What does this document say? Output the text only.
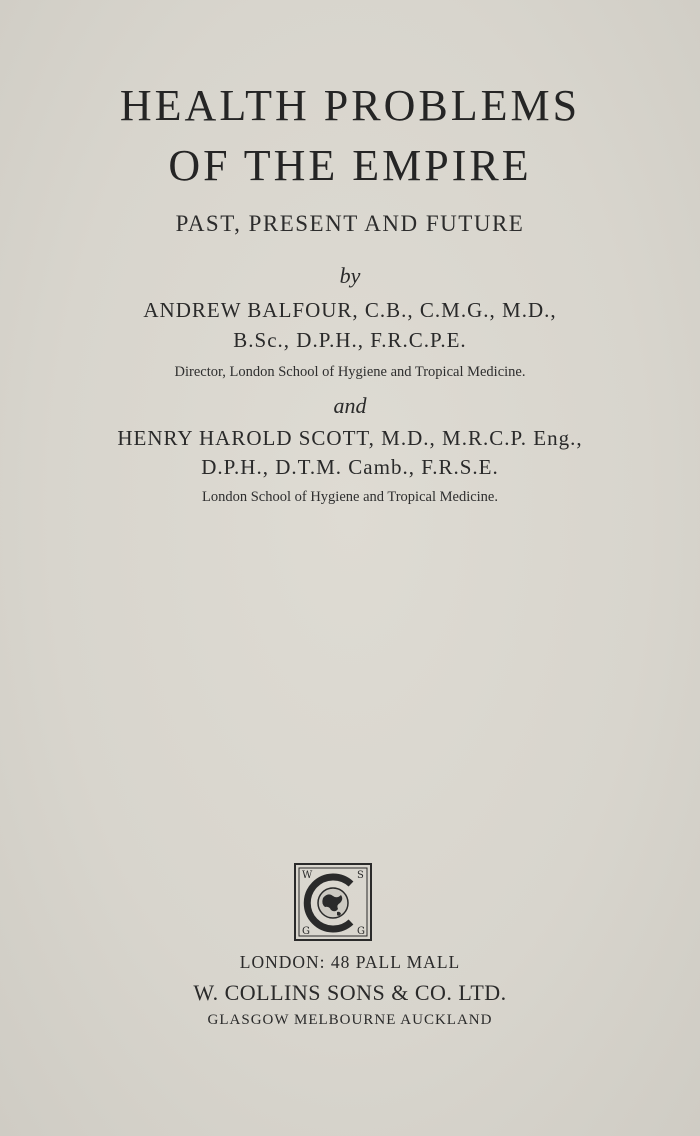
HEALTH PROBLEMS
OF THE EMPIRE
PAST, PRESENT AND FUTURE
by
ANDREW BALFOUR, C.B., C.M.G., M.D.,
B.Sc., D.P.H., F.R.C.P.E.
Director, London School of Hygiene and Tropical Medicine.
and
HENRY HAROLD SCOTT, M.D., M.R.C.P. Eng.,
D.P.H., D.T.M. Camb., F.R.S.E.
London School of Hygiene and Tropical Medicine.
W	S
G	G
LONDON: 48 PALL MALL
W. COLLINS SONS & CO. LTD.
GLASGOW MELBOURNE AUCKLAND
